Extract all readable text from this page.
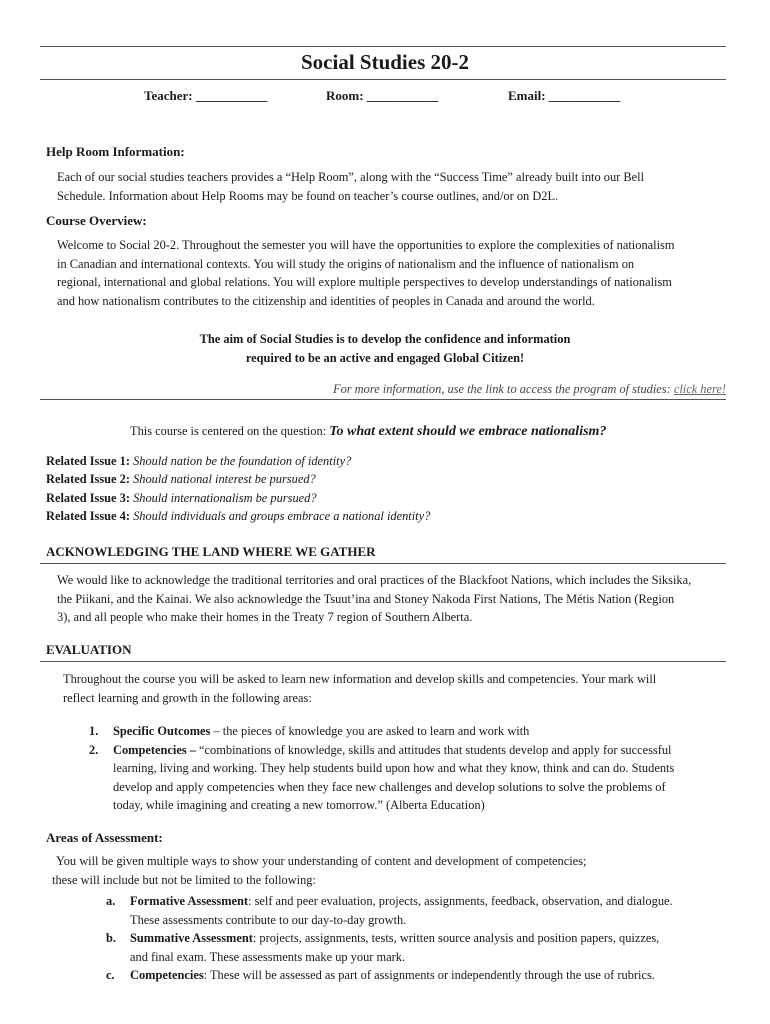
Social Studies 20-2
Teacher: ___________	Room: ___________	Email: ___________
Help Room Information:
Each of our social studies teachers provides a “Help Room”, along with the “Success Time” already built into our Bell
Schedule. Information about Help Rooms may be found on teacher’s course outlines, and/or on D2L.
Course Overview:
Welcome to Social 20-2. Throughout the semester you will have the opportunities to explore the complexities of nationalism
in Canadian and international contexts. You will study the origins of nationalism and the influence of nationalism on
regional, international and global relations. You will explore multiple perspectives to develop understandings of nationalism
and how nationalism contributes to the citizenship and identities of peoples in Canada and around the world.
The aim of Social Studies is to develop the confidence and information
required to be an active and engaged Global Citizen!
For more information, use the link to access the program of studies: click here!
This course is centered on the question: To what extent should we embrace nationalism?
Related Issue 1: Should nation be the foundation of identity?
Related Issue 2: Should national interest be pursued?
Related Issue 3: Should internationalism be pursued?
Related Issue 4: Should individuals and groups embrace a national identity?
ACKNOWLEDGING THE LAND WHERE WE GATHER
We would like to acknowledge the traditional territories and oral practices of the Blackfoot Nations, which includes the Siksika,
the Piikani, and the Kainai. We also acknowledge the Tsuut’ina and Stoney Nakoda First Nations, The Métis Nation (Region
3), and all people who make their homes in the Treaty 7 region of Southern Alberta.
EVALUATION
Throughout the course you will be asked to learn new information and develop skills and competencies. Your mark will
reflect learning and growth in the following areas:
1. Specific Outcomes – the pieces of knowledge you are asked to learn and work with
2. Competencies – “combinations of knowledge, skills and attitudes that students develop and apply for successful
learning, living and working. They help students build upon how and what they know, think and can do. Students
develop and apply competencies when they face new challenges and develop solutions to solve the problems of
today, while imagining and creating a new tomorrow.” (Alberta Education)
Areas of Assessment:
You will be given multiple ways to show your understanding of content and development of competencies;
these will include but not be limited to the following:
a. Formative Assessment: self and peer evaluation, projects, assignments, feedback, observation, and dialogue.
These assessments contribute to our day-to-day growth.
b. Summative Assessment: projects, assignments, tests, written source analysis and position papers, quizzes,
and final exam. These assessments make up your mark.
c. Competencies: These will be assessed as part of assignments or independently through the use of rubrics.
